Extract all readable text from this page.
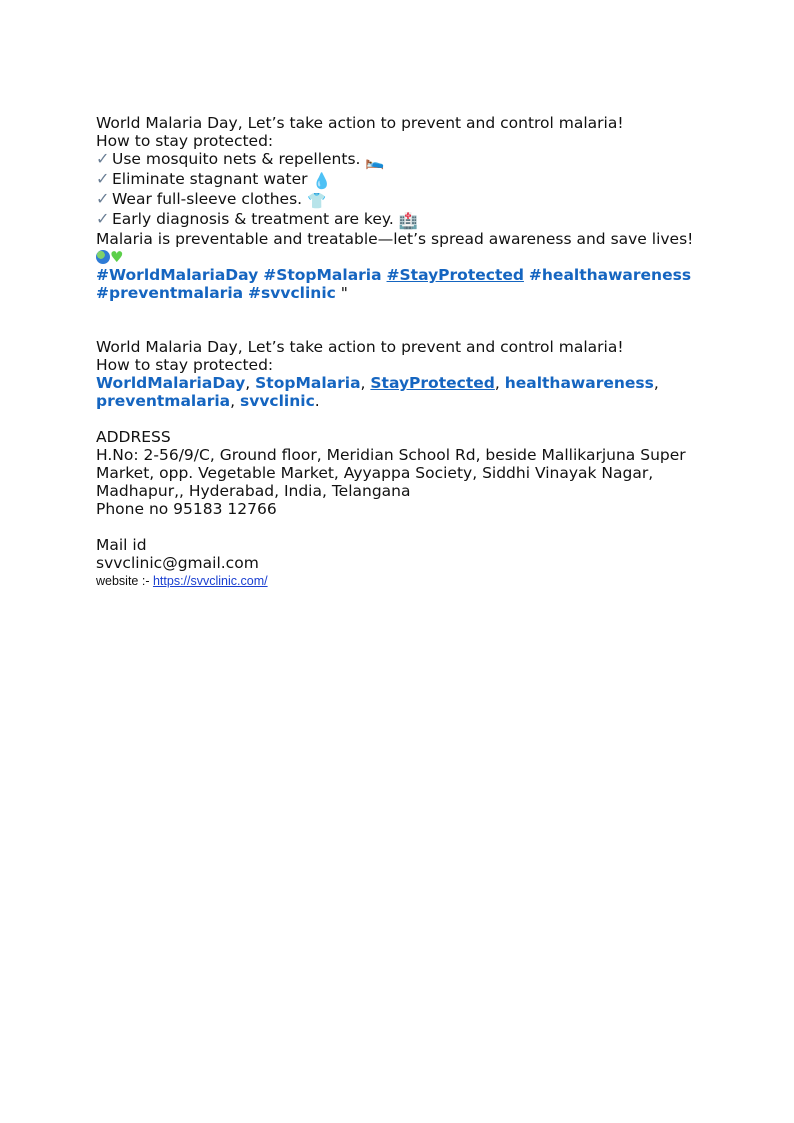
World Malaria Day, Let’s take action to prevent and control malaria!
How to stay protected:
✓ Use mosquito nets & repellents. 🛌
✓ Eliminate stagnant water 💧
✓ Wear full-sleeve clothes. 👕
✓ Early diagnosis & treatment are key. 🏥
Malaria is preventable and treatable—let’s spread awareness and save lives!
♥
#WorldMalariaDay #StopMalaria #StayProtected #healthawareness
#preventmalaria #svvclinic "
World Malaria Day, Let’s take action to prevent and control malaria!
How to stay protected:
WorldMalariaDay, StopMalaria, StayProtected, healthawareness,
preventmalaria, svvclinic.
ADDRESS
H.No: 2-56/9/C, Ground floor, Meridian School Rd, beside Mallikarjuna Super
Market, opp. Vegetable Market, Ayyappa Society, Siddhi Vinayak Nagar,
Madhapur,, Hyderabad, India, Telangana
Phone no 95183 12766
Mail id
svvclinic@gmail.com
website :- https://svvclinic.com/
